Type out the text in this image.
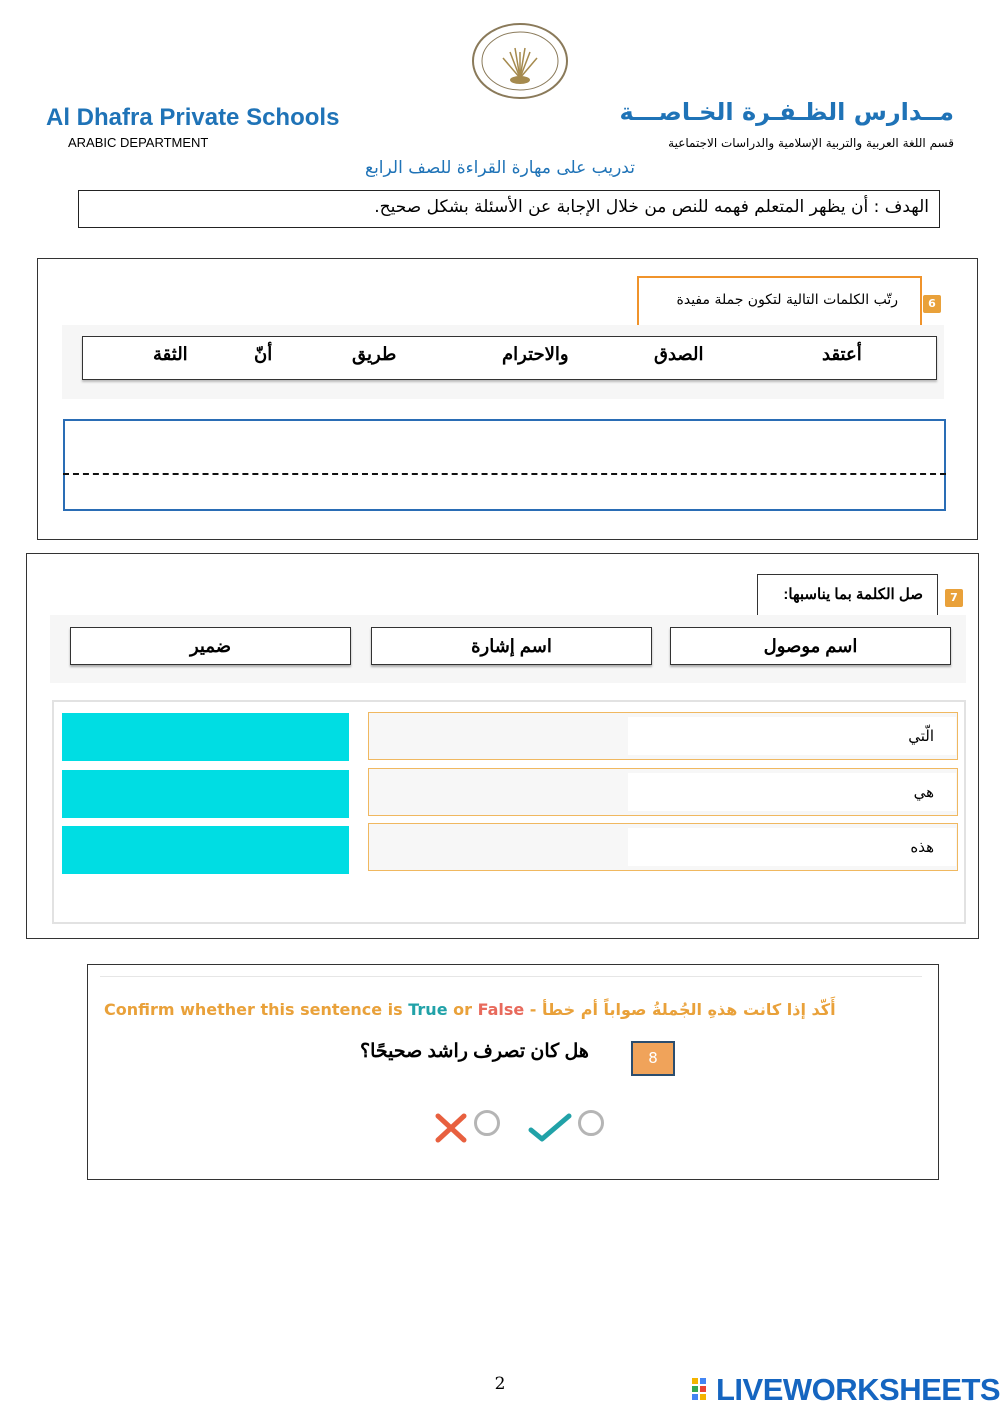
Al Dhafra Private Schools
ARABIC DEPARTMENT
مــدارس الظـفـرة الخـاصـــة
قسم اللغة العربية والتربية الإسلامية والدراسات الاجتماعية
تدريب على مهارة القراءة للصف الرابع
الهدف : أن يظهر المتعلم فهمه للنص من خلال الإجابة عن الأسئلة بشكل صحيح.
رتّب الكلمات التالية لتكون جملة مفيدة	6
أعتقد
الصدق
والاحترام
طريق
أنّ
الثقة
صل الكلمة بما يناسبها:	7
اسم موصول
اسم إشارة
ضمير
الّتي
هي
هذه
Confirm whether this sentence is True or False - أَكّد إذا كانت هذهِ الجُملةُ صواباً أم خطأ
هل كان تصرف راشد صحيحًا؟	8
2	LIVEWORKSHEETS
